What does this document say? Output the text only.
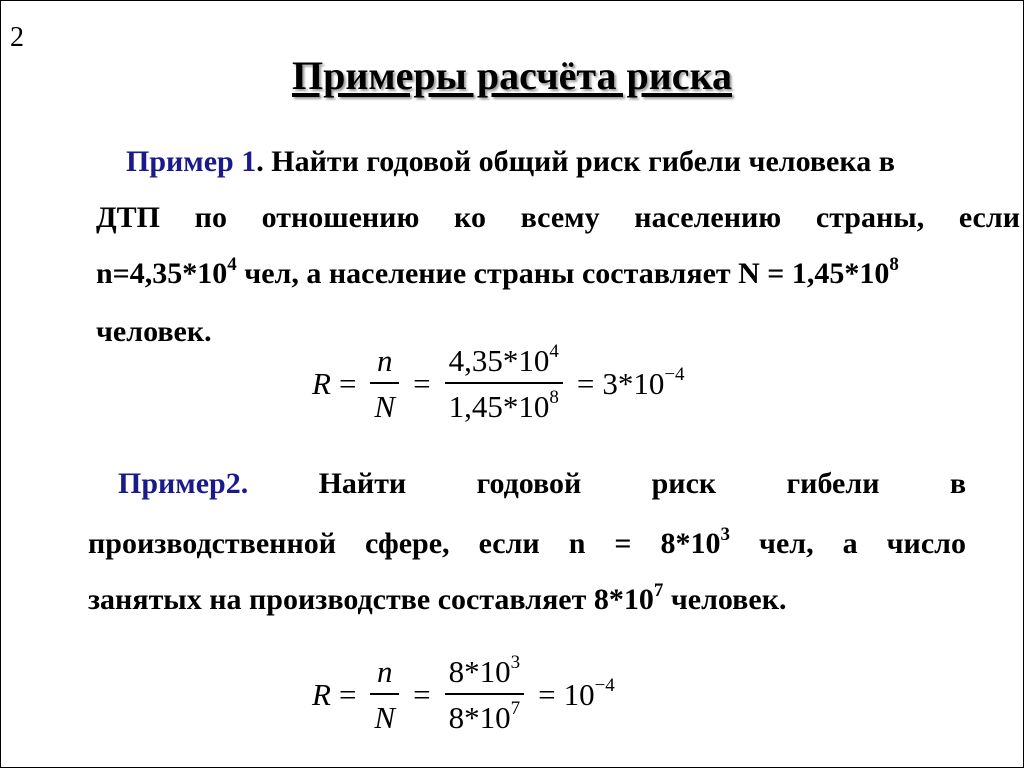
2
Примеры расчёта риска
Пример 1. Найти годовой общий риск гибели человека в
ДТП по отношению ко всему населению страны, если
$n=4,35*10^4$ чел, а население страны составляет $N = 1,45*10^8$
человек.
$R = \frac{n}{N} = \frac{4,35*10^4}{1,45*10^8} = 3*10^{-4}$
Пример2. Найти годовой риск гибели в
производственной сфере, если $n = 8*10^3$ чел, а число
занятых на производстве составляет $8*10^7$ человек.
$R = \frac{n}{N} = \frac{8*10^3}{8*10^7} = 10^{-4}$
